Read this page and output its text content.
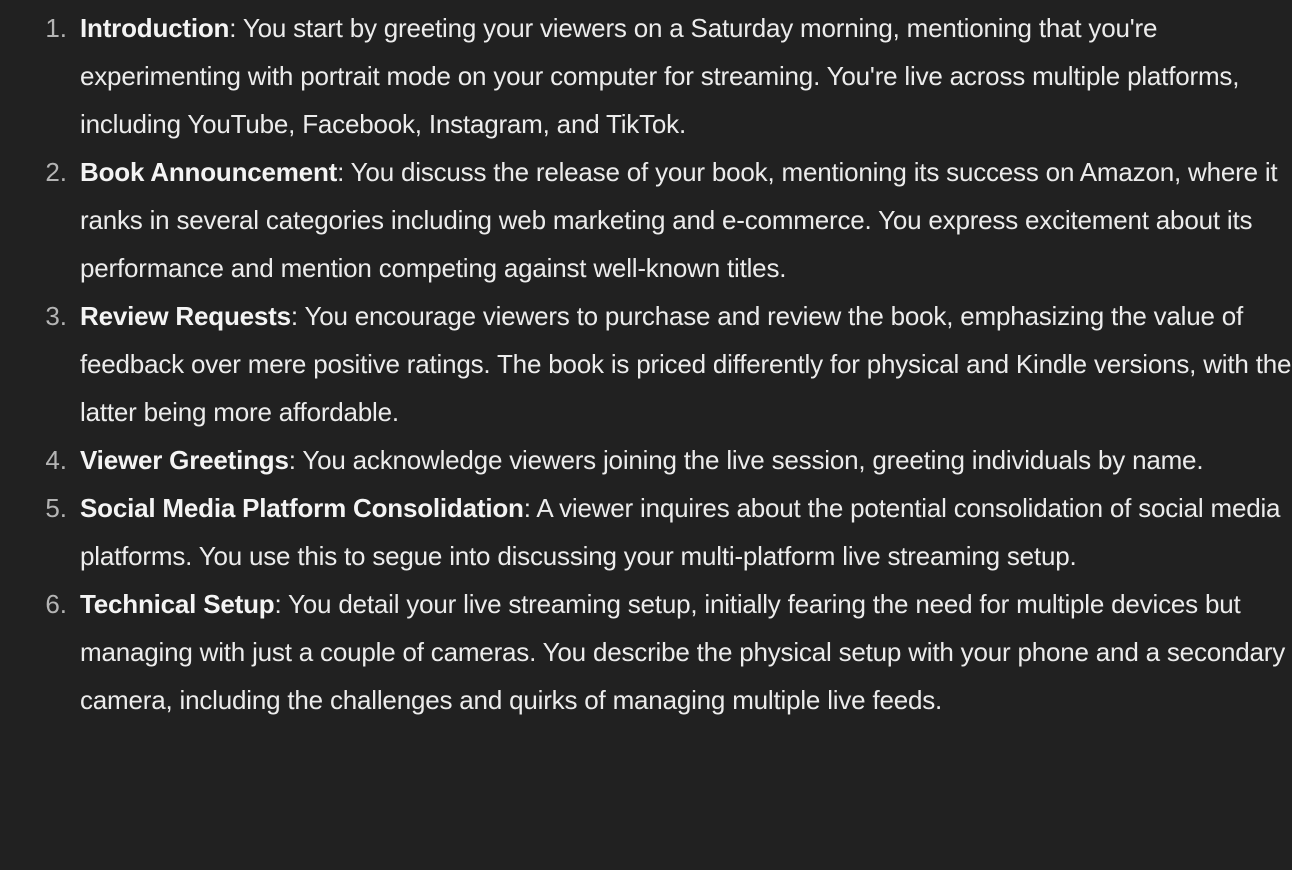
1. Introduction: You start by greeting your viewers on a Saturday morning, mentioning that you're experimenting with portrait mode on your computer for streaming. You're live across multiple platforms, including YouTube, Facebook, Instagram, and TikTok.
2. Book Announcement: You discuss the release of your book, mentioning its success on Amazon, where it ranks in several categories including web marketing and e-commerce. You express excitement about its performance and mention competing against well-known titles.
3. Review Requests: You encourage viewers to purchase and review the book, emphasizing the value of feedback over mere positive ratings. The book is priced differently for physical and Kindle versions, with the latter being more affordable.
4. Viewer Greetings: You acknowledge viewers joining the live session, greeting individuals by name.
5. Social Media Platform Consolidation: A viewer inquires about the potential consolidation of social media platforms. You use this to segue into discussing your multi-platform live streaming setup.
6. Technical Setup: You detail your live streaming setup, initially fearing the need for multiple devices but managing with just a couple of cameras. You describe the physical setup with your phone and a secondary camera, including the challenges and quirks of managing multiple live feeds.
